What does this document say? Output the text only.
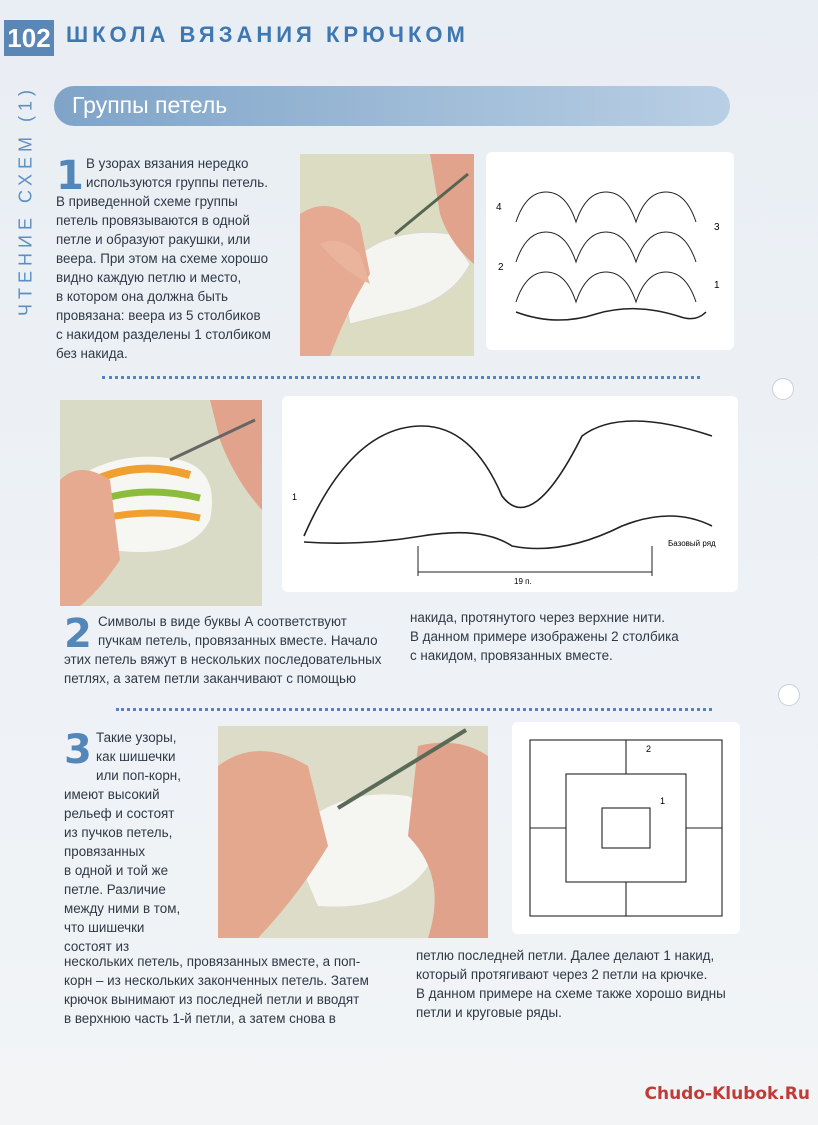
102 ШКОЛА ВЯЗАНИЯ КРЮЧКОМ
ЧТЕНИЕ СХЕМ (1) Группы петель
1 В узорах вязания нередко
используются группы петель.
В приведенной схеме группы
петель провязываются в одной
петле и образуют ракушки, или
веера. При этом на схеме хорошо
видно каждую петлю и место,
в котором она должна быть
провязана: веера из 5 столбиков
с накидом разделены 1 столбиком
без накида.
4
3
2
1
1
Базовый ряд
19 п.
2 Символы в виде буквы А соответствуют
пучкам петель, провязанных вместе. Начало
этих петель вяжут в нескольких последовательных
петлях, а затем петли заканчивают с помощью
накида, протянутого через верхние нити.
В данном примере изображены 2 столбика
с накидом, провязанных вместе.
3 Такие узоры,
как шишечки
или поп-корн,
имеют высокий
рельеф и состоят
из пучков петель,
провязанных
в одной и той же
петле. Различие
между ними в том,
что шишечки
состоят из
2
1
нескольких петель, провязанных вместе, а поп-
корн – из нескольких законченных петель. Затем
крючок вынимают из последней петли и вводят
в верхнюю часть 1-й петли, а затем снова в
петлю последней петли. Далее делают 1 накид,
который протягивают через 2 петли на крючке.
В данном примере на схеме также хорошо видны
петли и круговые ряды.
Chudo-Klubok.Ru
